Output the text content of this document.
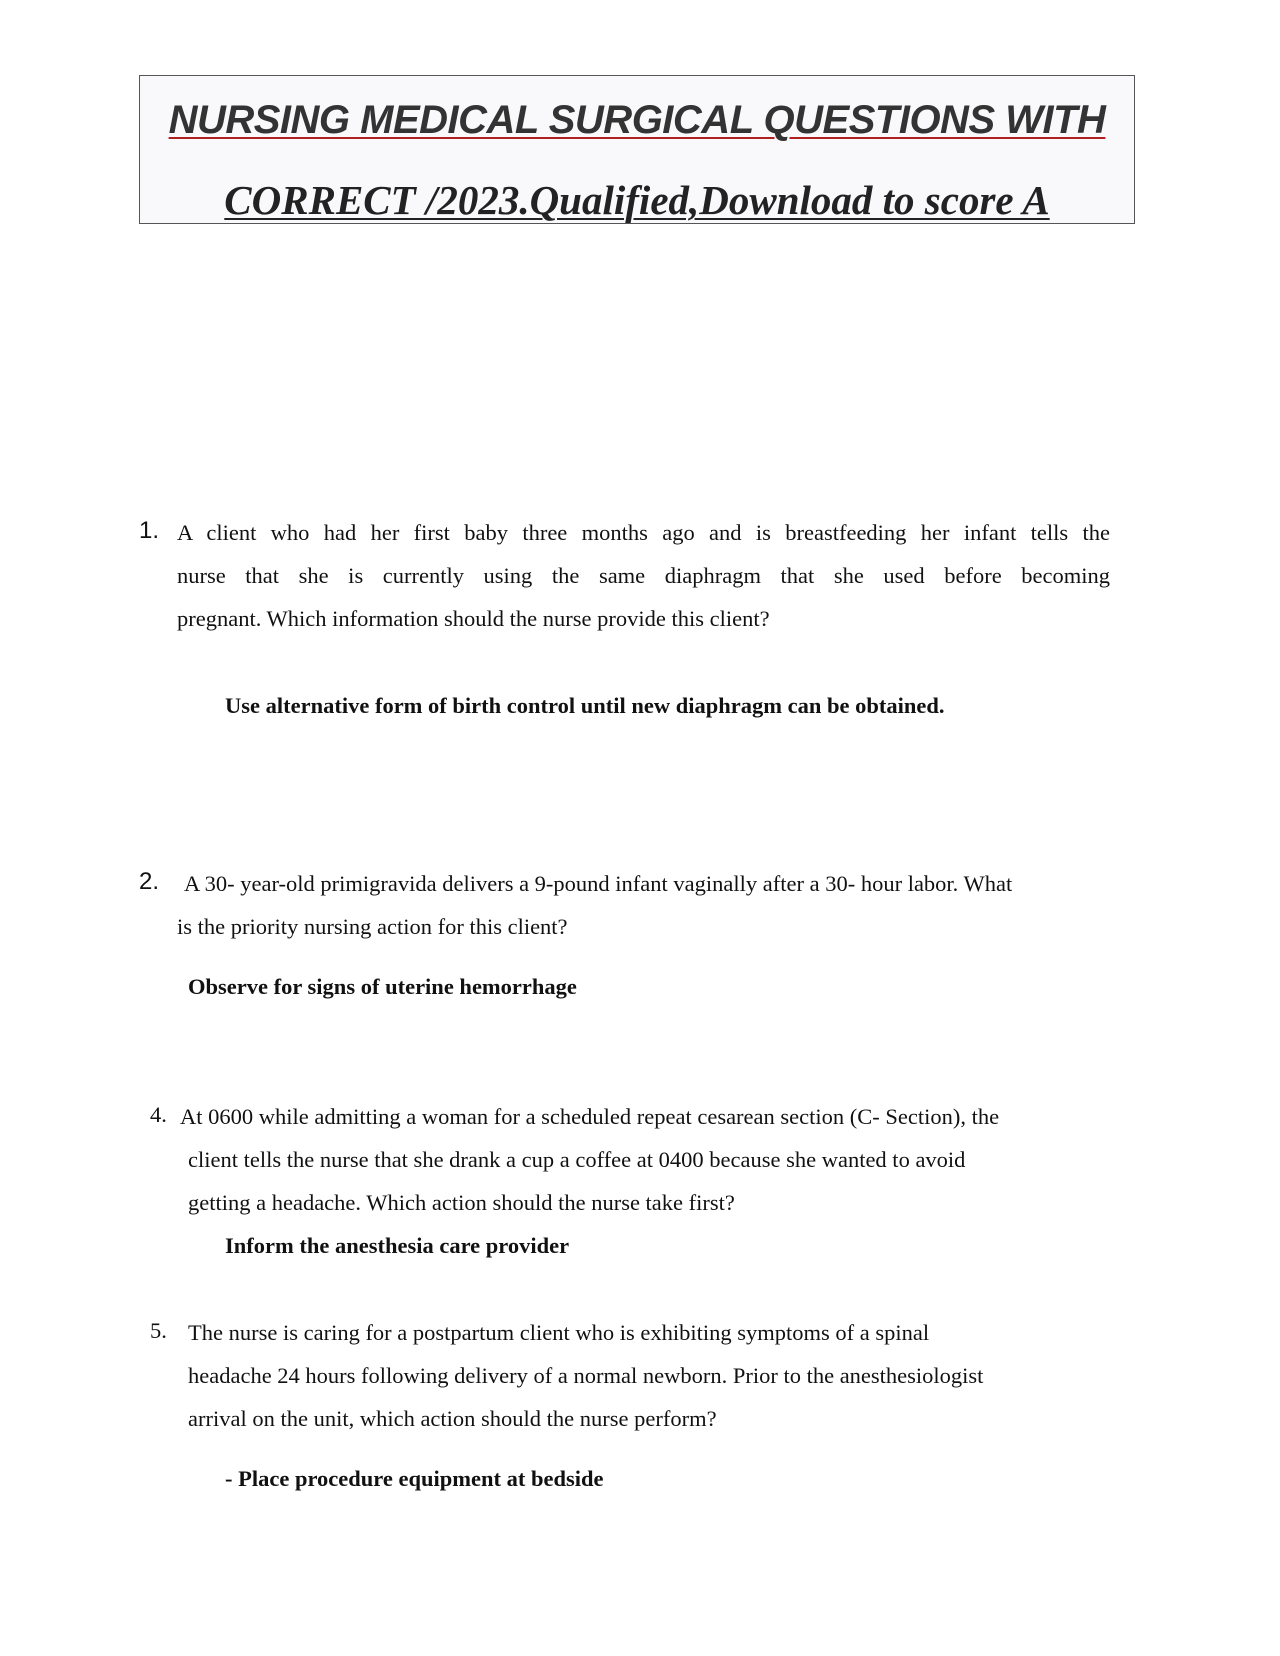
NURSING MEDICAL SURGICAL QUESTIONS WITH
CORRECT /2023.Qualified,Download to score A
1. A client who had her first baby three months ago and is breastfeeding her infant tells the
nurse that she is currently using the same diaphragm that she used before becoming
pregnant. Which information should the nurse provide this client?
Use alternative form of birth control until new diaphragm can be obtained.
2.	A 30- year-old primigravida delivers a 9-pound infant vaginally after a 30- hour labor. What
is the priority nursing action for this client?
Observe for signs of uterine hemorrhage
4. At 0600 while admitting a woman for a scheduled repeat cesarean section (C- Section), the
client tells the nurse that she drank a cup a coffee at 0400 because she wanted to avoid
getting a headache. Which action should the nurse take first?
Inform the anesthesia care provider
5. The nurse is caring for a postpartum client who is exhibiting symptoms of a spinal
headache 24 hours following delivery of a normal newborn. Prior to the anesthesiologist
arrival on the unit, which action should the nurse perform?
- Place procedure equipment at bedside
